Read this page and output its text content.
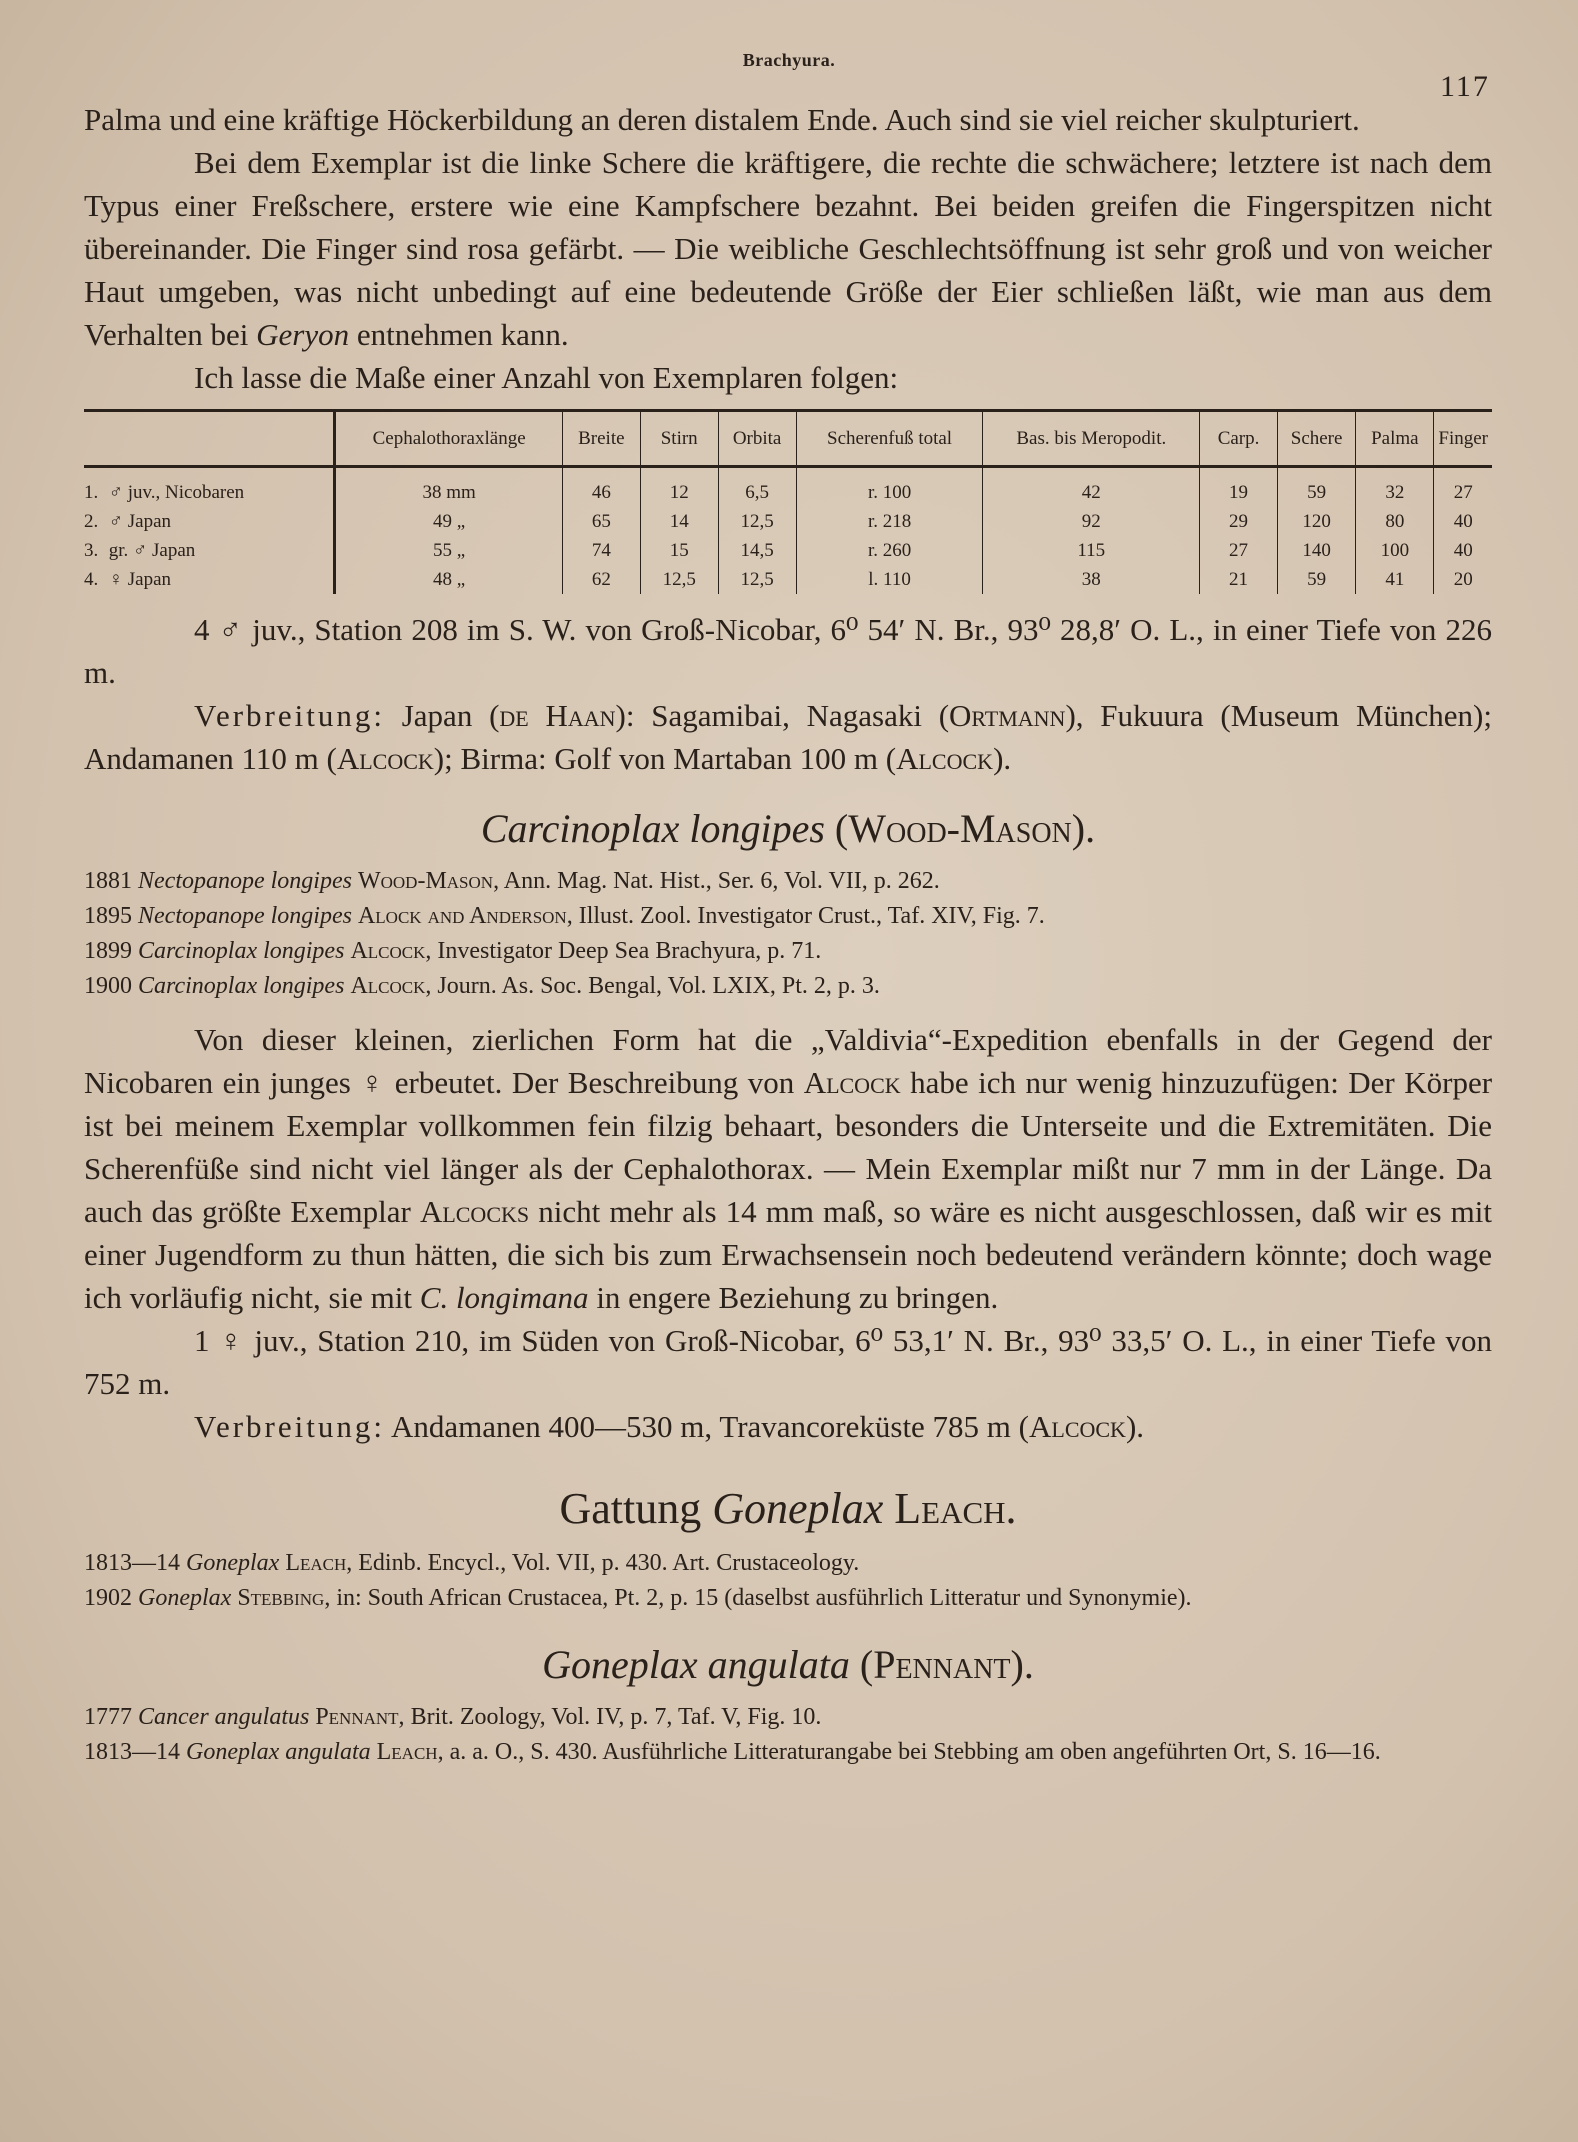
Brachyura.
117

Palma und eine kräftige Höckerbildung an deren distalem Ende. Auch sind sie viel reicher skulpturiert.

Bei dem Exemplar ist die linke Schere die kräftigere, die rechte die schwächere; letztere ist nach dem Typus einer Freßschere, erstere wie eine Kampfschere bezahnt. Bei beiden greifen die Fingerspitzen nicht übereinander. Die Finger sind rosa gefärbt. — Die weibliche Geschlechtsöffnung ist sehr groß und von weicher Haut umgeben, was nicht unbedingt auf eine bedeutende Größe der Eier schließen läßt, wie man aus dem Verhalten bei Geryon entnehmen kann.

Ich lasse die Maße einer Anzahl von Exemplaren folgen:

	Cephalothoraxlänge	Breite	Stirn	Orbita	Scherenfuß total	Bas. bis Meropodit.	Carp.	Schere	Palma	Finger
1. ♂ juv., Nicobaren	38 mm	46	12	6,5	r. 100	42	19	59	32	27
2. ♂ Japan	49 „	65	14	12,5	r. 218	92	29	120	80	40
3. gr. ♂ Japan	55 „	74	15	14,5	r. 260	115	27	140	100	40
4. ♀ Japan	48 „	62	12,5	12,5	l. 110	38	21	59	41	20

4 ♂ juv., Station 208 im S. W. von Groß-Nicobar, 6⁰ 54′ N. Br., 93⁰ 28,8′ O. L., in einer Tiefe von 226 m.

Verbreitung: Japan (de Haan): Sagamibai, Nagasaki (Ortmann), Fukuura (Museum München); Andamanen 110 m (Alcock); Birma: Golf von Martaban 100 m (Alcock).

Carcinoplax longipes (Wood-Mason).

1881 Nectopanope longipes Wood-Mason, Ann. Mag. Nat. Hist., Ser. 6, Vol. VII, p. 262.

1895 Nectopanope longipes Alock and Anderson, Illust. Zool. Investigator Crust., Taf. XIV, Fig. 7.

1899 Carcinoplax longipes Alcock, Investigator Deep Sea Brachyura, p. 71.

1900 Carcinoplax longipes Alcock, Journ. As. Soc. Bengal, Vol. LXIX, Pt. 2, p. 3.

Von dieser kleinen, zierlichen Form hat die „Valdivia“-Expedition ebenfalls in der Gegend der Nicobaren ein junges ♀ erbeutet. Der Beschreibung von Alcock habe ich nur wenig hinzuzufügen: Der Körper ist bei meinem Exemplar vollkommen fein filzig behaart, besonders die Unterseite und die Extremitäten. Die Scherenfüße sind nicht viel länger als der Cephalothorax. — Mein Exemplar mißt nur 7 mm in der Länge. Da auch das größte Exemplar Alcocks nicht mehr als 14 mm maß, so wäre es nicht ausgeschlossen, daß wir es mit einer Jugendform zu thun hätten, die sich bis zum Erwachsensein noch bedeutend verändern könnte; doch wage ich vorläufig nicht, sie mit C. longimana in engere Beziehung zu bringen.

1 ♀ juv., Station 210, im Süden von Groß-Nicobar, 6⁰ 53,1′ N. Br., 93⁰ 33,5′ O. L., in einer Tiefe von 752 m.

Verbreitung: Andamanen 400—530 m, Travancoreküste 785 m (Alcock).

Gattung Goneplax Leach.

1813—14 Goneplax Leach, Edinb. Encycl., Vol. VII, p. 430. Art. Crustaceology.

1902 Goneplax Stebbing, in: South African Crustacea, Pt. 2, p. 15 (daselbst ausführlich Litteratur und Synonymie).

Goneplax angulata (Pennant).

1777 Cancer angulatus Pennant, Brit. Zoology, Vol. IV, p. 7, Taf. V, Fig. 10.

1813—14 Goneplax angulata Leach, a. a. O., S. 430. Ausführliche Litteraturangabe bei Stebbing am oben angeführten Ort, S. 16—16.
